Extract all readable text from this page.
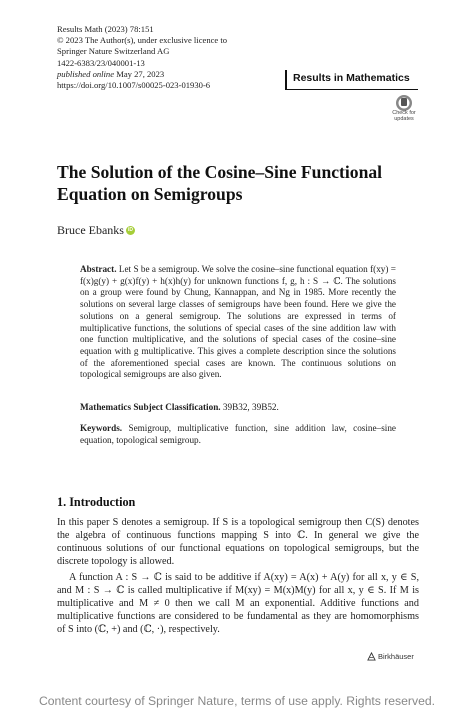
Results Math (2023) 78:151
© 2023 The Author(s), under exclusive licence to
Springer Nature Switzerland AG
1422-6383/23/040001-13
published online May 27, 2023
https://doi.org/10.1007/s00025-023-01930-6
Results in Mathematics
Check for
updates
The Solution of the Cosine–Sine Functional Equation on Semigroups
Bruce Ebanks iD

Abstract. Let S be a semigroup. We solve the cosine–sine functional equation f(xy) = f(x)g(y) + g(x)f(y) + h(x)h(y) for unknown functions f, g, h : S → ℂ. The solutions on a group were found by Chung, Kannappan, and Ng in 1985. More recently the solutions on several large classes of semigroups have been found. Here we give the solutions on a general semigroup. The solutions are expressed in terms of multiplicative functions, the solutions of special cases of the sine addition law with one function multiplicative, and the solutions of special cases of the cosine–sine equation with g multiplicative. This gives a complete description since the solutions of the aforementioned special cases are known. The continuous solutions on topological semigroups are also given.

Mathematics Subject Classification. 39B32, 39B52.

Keywords. Semigroup, multiplicative function, sine addition law, cosine–sine equation, topological semigroup.

1. Introduction

In this paper S denotes a semigroup. If S is a topological semigroup then C(S) denotes the algebra of continuous functions mapping S into ℂ. In general we give the continuous solutions of our functional equations on topological semigroups, but the discrete topology is allowed.

A function A : S → ℂ is said to be additive if A(xy) = A(x) + A(y) for all x, y ∈ S, and M : S → ℂ is called multiplicative if M(xy) = M(x)M(y) for all x, y ∈ S. If M is multiplicative and M ≠ 0 then we call M an exponential. Additive functions and multiplicative functions are considered to be fundamental as they are homomorphisms of S into (ℂ, +) and (ℂ, ·), respectively.

Birkhäuser
Content courtesy of Springer Nature, terms of use apply. Rights reserved.
